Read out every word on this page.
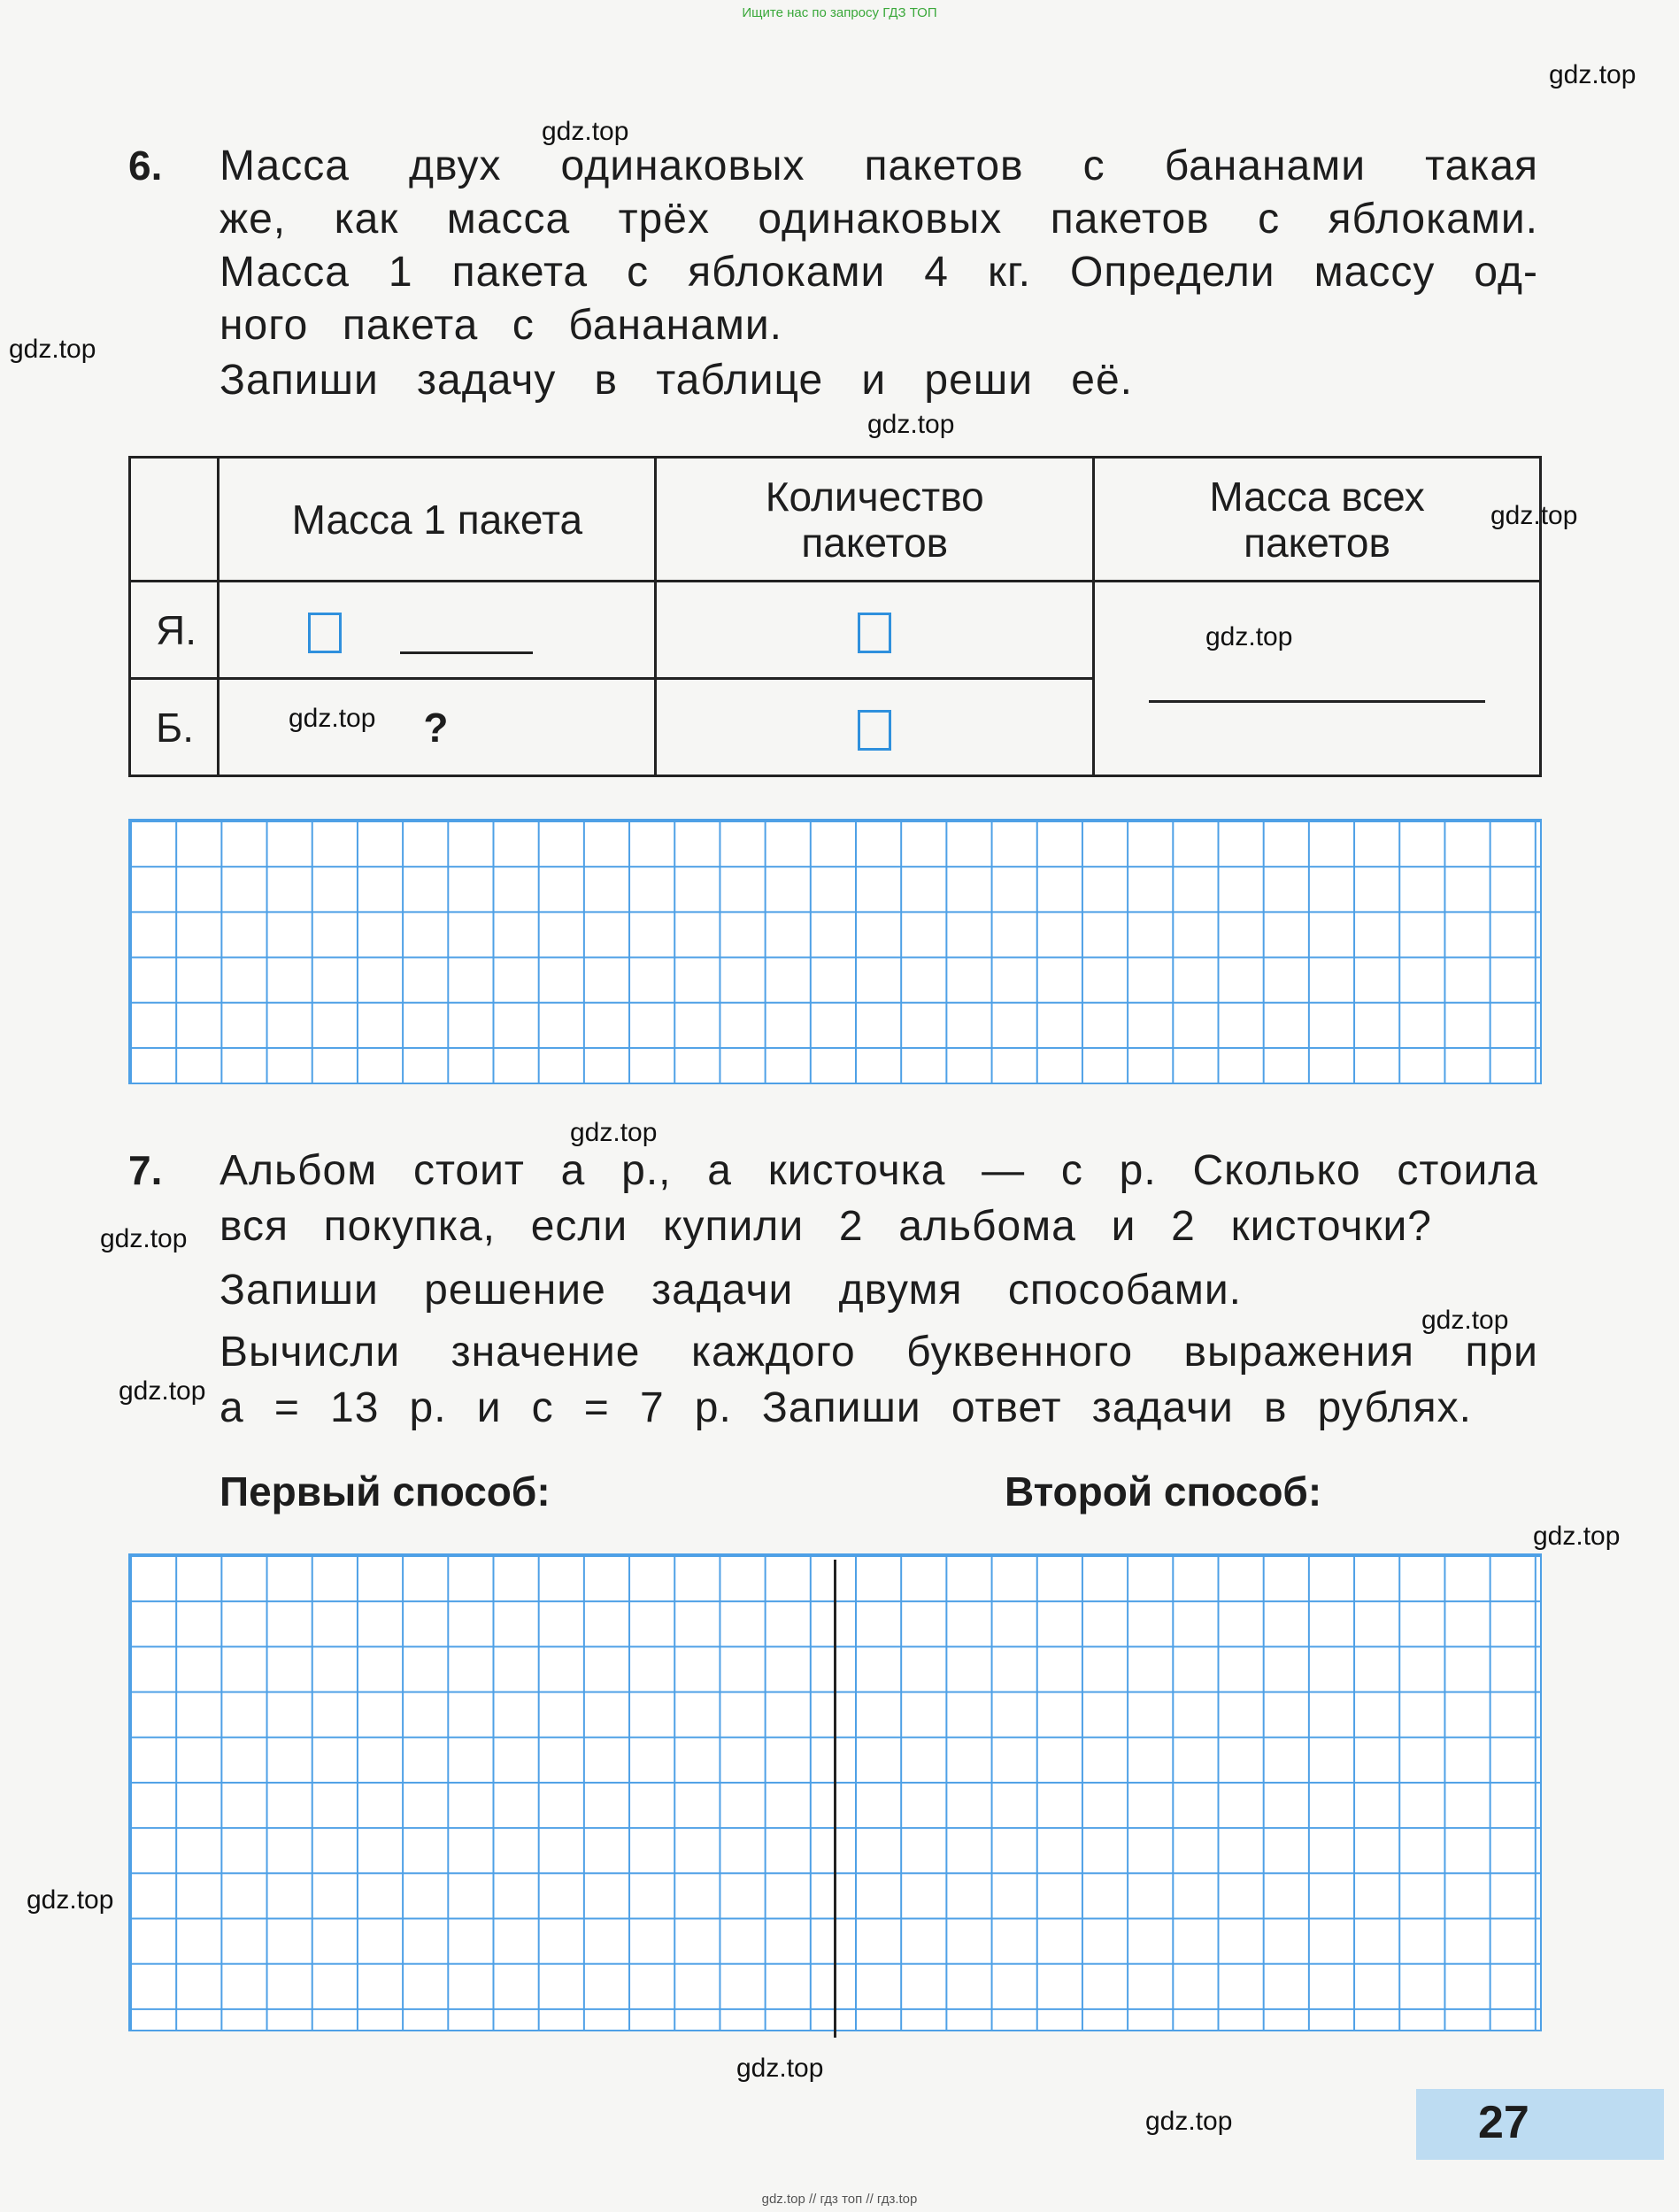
Ищите нас по запросу ГДЗ ТОП
gdz.top // гдз топ // гдз.top
gdz.top
gdz.top
gdz.top
gdz.top
gdz.top
gdz.top
gdz.top
gdz.top
gdz.top
gdz.top
gdz.top
gdz.top
gdz.top
gdz.top
gdz.top
6. Масса двух одинаковых пакетов с бананами такая
же, как масса трёх одинаковых пакетов с яблоками.
Масса 1 пакета с яблоками 4 кг. Определи массу од-
ного пакета с бананами.
Запиши задачу в таблице и реши её.
	Масса 1 пакета	Количество пакетов	Масса всех пакетов

Я.			
Б.	?		
7. Альбом стоит a р., а кисточка — c р. Сколько стоила
вся покупка, если купили 2 альбома и 2 кисточки?
Запиши решение задачи двумя способами.
Вычисли значение каждого буквенного выражения при
a = 13 р. и c = 7 р. Запиши ответ задачи в рублях.
Первый способ:	Второй способ:
27
